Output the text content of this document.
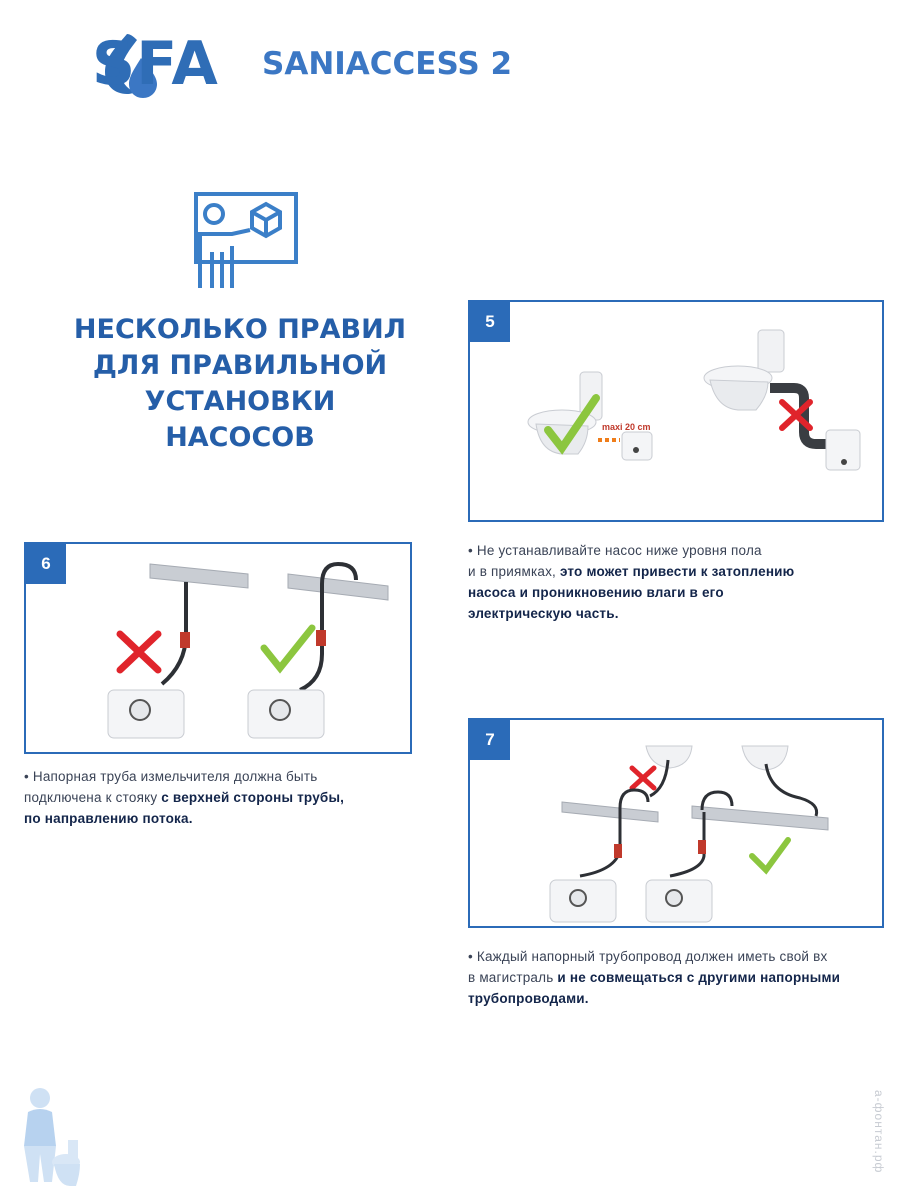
SFA SANIACCESS 2
НЕСКОЛЬКО ПРАВИЛ
ДЛЯ ПРАВИЛЬНОЙ
УСТАНОВКИ
НАСОСОВ
5
maxi 20 cm
• Не устанавливайте насос ниже уровня пола
и в приямках, это может привести к затоплению
насоса и проникновению влаги в его
электрическую часть.
6
• Напорная труба измельчителя должна быть
подключена к стояку с верхней стороны трубы,
по направлению потока.
7
• Каждый напорный трубопровод должен иметь свой вх
в магистраль и не совмещаться с другими напорными
трубопроводами.
а-фонтан.рф
